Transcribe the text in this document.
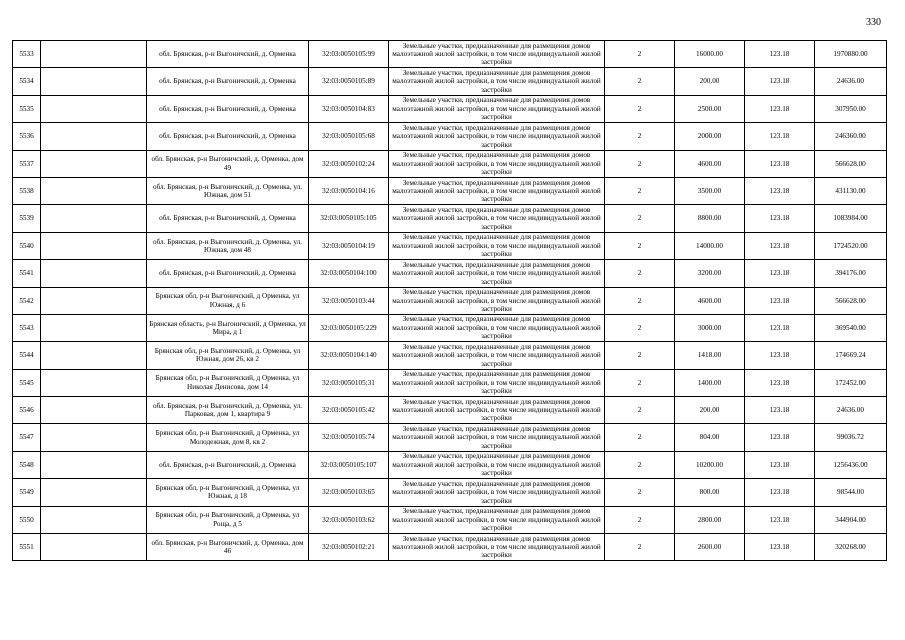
330
5533		обл. Брянская, р-н Выгоничский, д. Орменка	32:03:0050105:99	Земельные участки, предназначенные для размещения домов малоэтажной жилой застройки, в том числе индивидуальной жилой застройки	2	16000.00	123.18	1970880.00
5534		обл. Брянская, р-н Выгоничский, д. Орменка	32:03:0050105:89	Земельные участки, предназначенные для размещения домов малоэтажной жилой застройки, в том числе индивидуальной жилой застройки	2	200.00	123.18	24636.00
5535		обл. Брянская, р-н Выгоничский, д. Орменка	32:03:0050104:83	Земельные участки, предназначенные для размещения домов малоэтажной жилой застройки, в том числе индивидуальной жилой застройки	2	2500.00	123.18	307950.00
5536		обл. Брянская, р-н Выгоничский, д. Орменка	32:03:0050105:68	Земельные участки, предназначенные для размещения домов малоэтажной жилой застройки, в том числе индивидуальной жилой застройки	2	2000.00	123.18	246360.00
5537		обл. Брянская, р-н Выгоничский, д. Орменка, дом 49	32:03:0050102:24	Земельные участки, предназначенные для размещения домов малоэтажной жилой застройки, в том числе индивидуальной жилой застройки	2	4600.00	123.18	566628.00
5538		обл. Брянская, р-н Выгоничский, д. Орменка, ул. Южная, дом 51	32:03:0050104:16	Земельные участки, предназначенные для размещения домов малоэтажной жилой застройки, в том числе индивидуальной жилой застройки	2	3500.00	123.18	431130.00
5539		обл. Брянская, р-н Выгоничский, д. Орменка	32:03:0050105:105	Земельные участки, предназначенные для размещения домов малоэтажной жилой застройки, в том числе индивидуальной жилой застройки	2	8800.00	123.18	1083984.00
5540		обл. Брянская, р-н Выгоничский, д. Орменка, ул. Южная, дом 48	32:03:0050104:19	Земельные участки, предназначенные для размещения домов малоэтажной жилой застройки, в том числе индивидуальной жилой застройки	2	14000.00	123.18	1724520.00
5541		обл. Брянская, р-н Выгоничский, д. Орменка	32:03:0050104:100	Земельные участки, предназначенные для размещения домов малоэтажной жилой застройки, в том числе индивидуальной жилой застройки	2	3200.00	123.18	394176.00
5542		Брянская обл, р-н Выгоничский, д Орменка, ул Южная, д 6	32:03:0050103:44	Земельные участки, предназначенные для размещения домов малоэтажной жилой застройки, в том числе индивидуальной жилой застройки	2	4600.00	123.18	566628.00
5543		Брянская область, р-н Выгоничский, д Орменка, ул Мира, д 1	32:03:0050105:229	Земельные участки, предназначенные для размещения домов малоэтажной жилой застройки, в том числе индивидуальной жилой застройки	2	3000.00	123.18	369540.00
5544		Брянская обл, р-н Выгоничский, д. Орменка, ул Южная, дом 26, кв 2	32:03:0050104:140	Земельные участки, предназначенные для размещения домов малоэтажной жилой застройки, в том числе индивидуальной жилой застройки	2	1418.00	123.18	174669.24
5545		Брянская обл, р-н Выгоничский, д Орменка, ул Николая Денисова, дом 14	32:03:0050105:31	Земельные участки, предназначенные для размещения домов малоэтажной жилой застройки, в том числе индивидуальной жилой застройки	2	1400.00	123.18	172452.00
5546		обл. Брянская, р-н Выгоничский, д. Орменка, ул. Парковая, дом 1, квартира 9	32:03:0050105:42	Земельные участки, предназначенные для размещения домов малоэтажной жилой застройки, в том числе индивидуальной жилой застройки	2	200.00	123.18	24636.00
5547		Брянская обл, р-н Выгоничский, д Орменка, ул Молодежная, дом 8, кв 2	32:03:0050105:74	Земельные участки, предназначенные для размещения домов малоэтажной жилой застройки, в том числе индивидуальной жилой застройки	2	804.00	123.18	99036.72
5548		обл. Брянская, р-н Выгоничский, д. Орменка	32:03:0050105:107	Земельные участки, предназначенные для размещения домов малоэтажной жилой застройки, в том числе индивидуальной жилой застройки	2	10200.00	123.18	1256436.00
5549		Брянская обл, р-н Выгоничский, д Орменка, ул Южная, д 18	32:03:0050103:65	Земельные участки, предназначенные для размещения домов малоэтажной жилой застройки, в том числе индивидуальной жилой застройки	2	800.00	123.18	98544.00
5550		Брянская обл, р-н Выгоничский, д Орменка, ул Роща, д 5	32:03:0050103:62	Земельные участки, предназначенные для размещения домов малоэтажной жилой застройки, в том числе индивидуальной жилой застройки	2	2800.00	123.18	344904.00
5551		обл. Брянская, р-н Выгоничский, д. Орменка, дом 46	32:03:0050102:21	Земельные участки, предназначенные для размещения домов малоэтажной жилой застройки, в том числе индивидуальной жилой застройки	2	2600.00	123.18	320268.00
